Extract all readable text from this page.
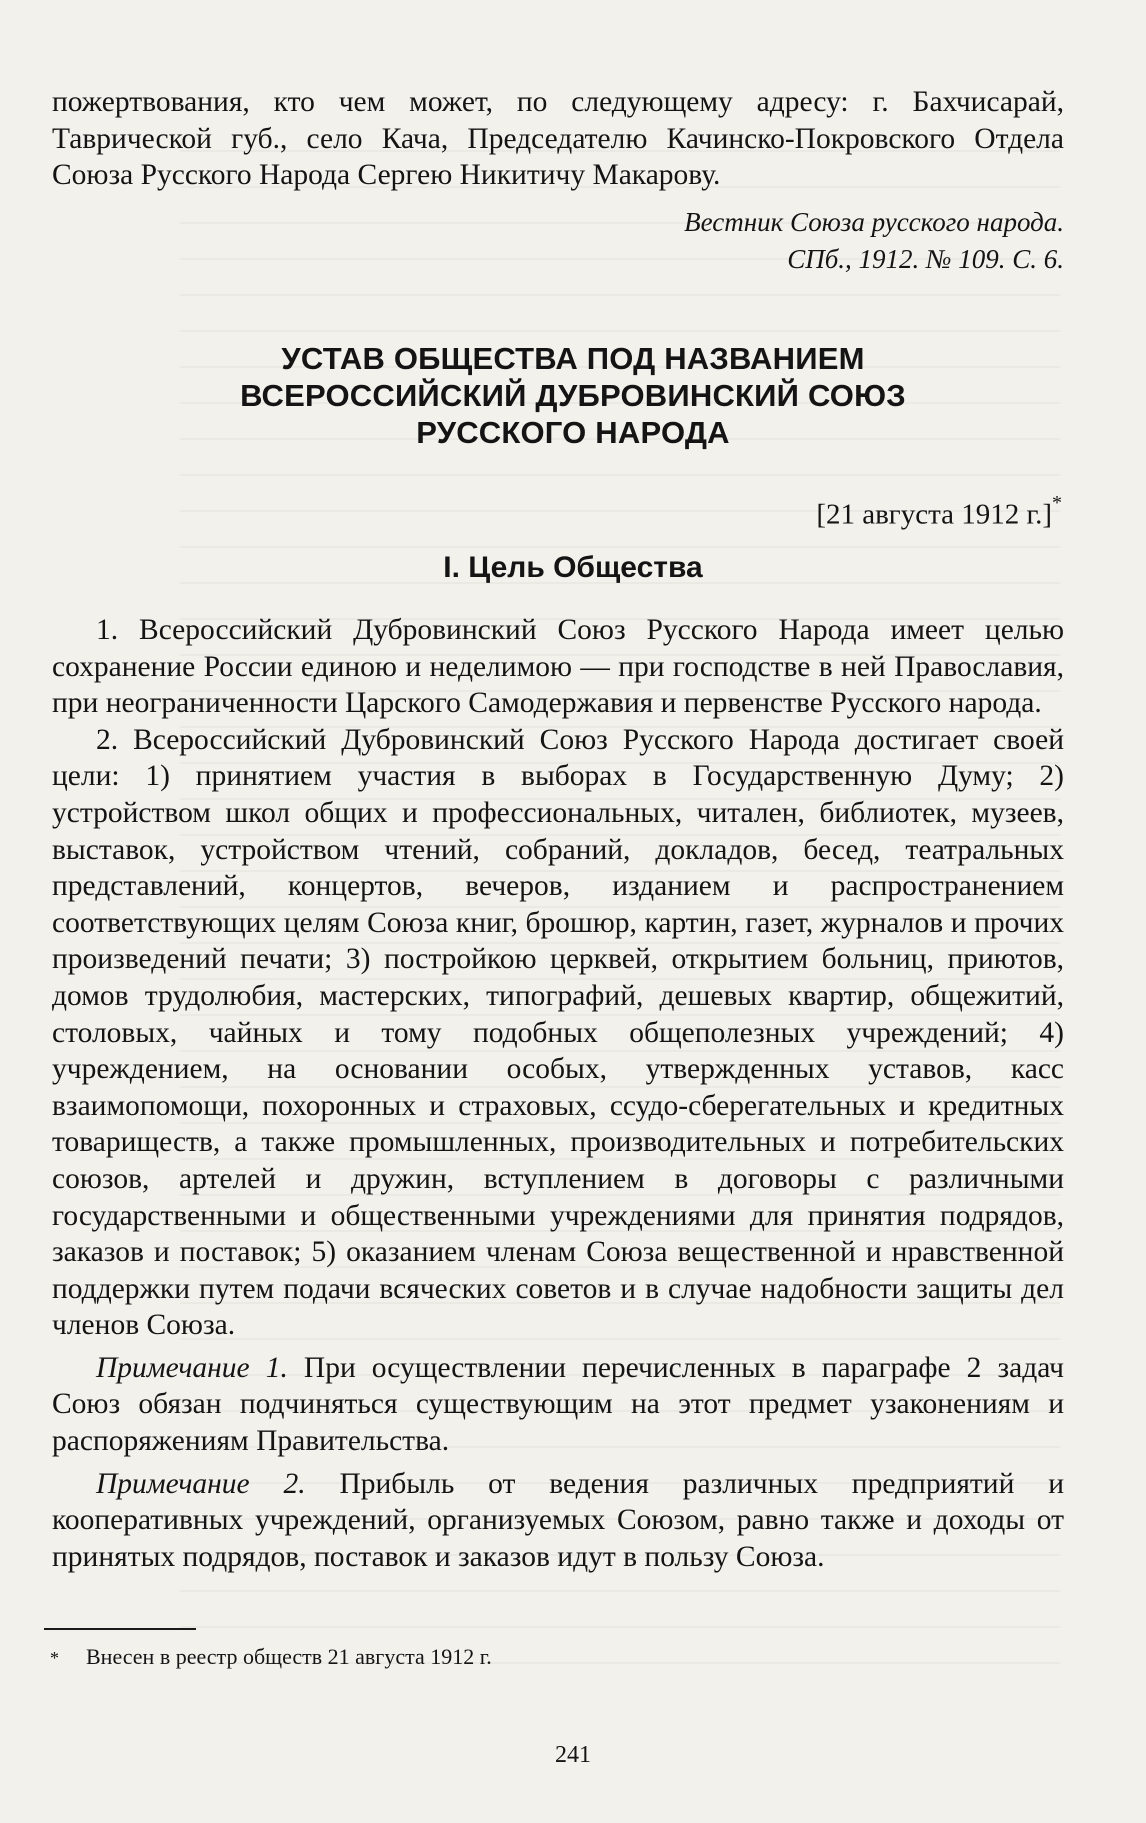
пожертвования, кто чем может, по следующему адресу: г. Бахчисарай, Таврической губ., село Кача, Председателю Качинско-Покровского Отдела Союза Русского Народа Сергею Никитичу Макарову.
Вестник Союза русского народа.
СПб., 1912. № 109. С. 6.
УСТАВ ОБЩЕСТВА ПОД НАЗВАНИЕМ
ВСЕРОССИЙСКИЙ ДУБРОВИНСКИЙ СОЮЗ
РУССКОГО НАРОДА
[21 августа 1912 г.]*
I. Цель Общества

1. Всероссийский Дубровинский Союз Русского Народа имеет целью сохранение России единою и неделимою — при господстве в ней Православия, при неограниченности Царского Самодержавия и первенстве Русского народа.

2. Всероссийский Дубровинский Союз Русского Народа достигает своей цели: 1) принятием участия в выборах в Государственную Думу; 2) устройством школ общих и профессиональных, читален, библиотек, музеев, выставок, устройством чтений, собраний, докладов, бесед, театральных представлений, концертов, вечеров, изданием и распространением соответствующих целям Союза книг, брошюр, картин, газет, журналов и прочих произведений печати; 3) постройкою церквей, открытием больниц, приютов, домов трудолюбия, мастерских, типографий, дешевых квартир, общежитий, столовых, чайных и тому подобных общеполезных учреждений; 4) учреждением, на основании особых, утвержденных уставов, касс взаимопомощи, похоронных и страховых, ссудо-сберегательных и кредитных товариществ, а также промышленных, производительных и потребительских союзов, артелей и дружин, вступлением в договоры с различными государственными и общественными учреждениями для принятия подрядов, заказов и поставок; 5) оказанием членам Союза вещественной и нравственной поддержки путем подачи всяческих советов и в случае надобности защиты дел членов Союза.

Примечание 1. При осуществлении перечисленных в параграфе 2 задач Союз обязан подчиняться существующим на этот предмет узаконениям и распоряжениям Правительства.

Примечание 2. Прибыль от ведения различных предприятий и кооперативных учреждений, организуемых Союзом, равно также и доходы от принятых подрядов, поставок и заказов идут в пользу Союза.

* Внесен в реестр обществ 21 августа 1912 г.
241
